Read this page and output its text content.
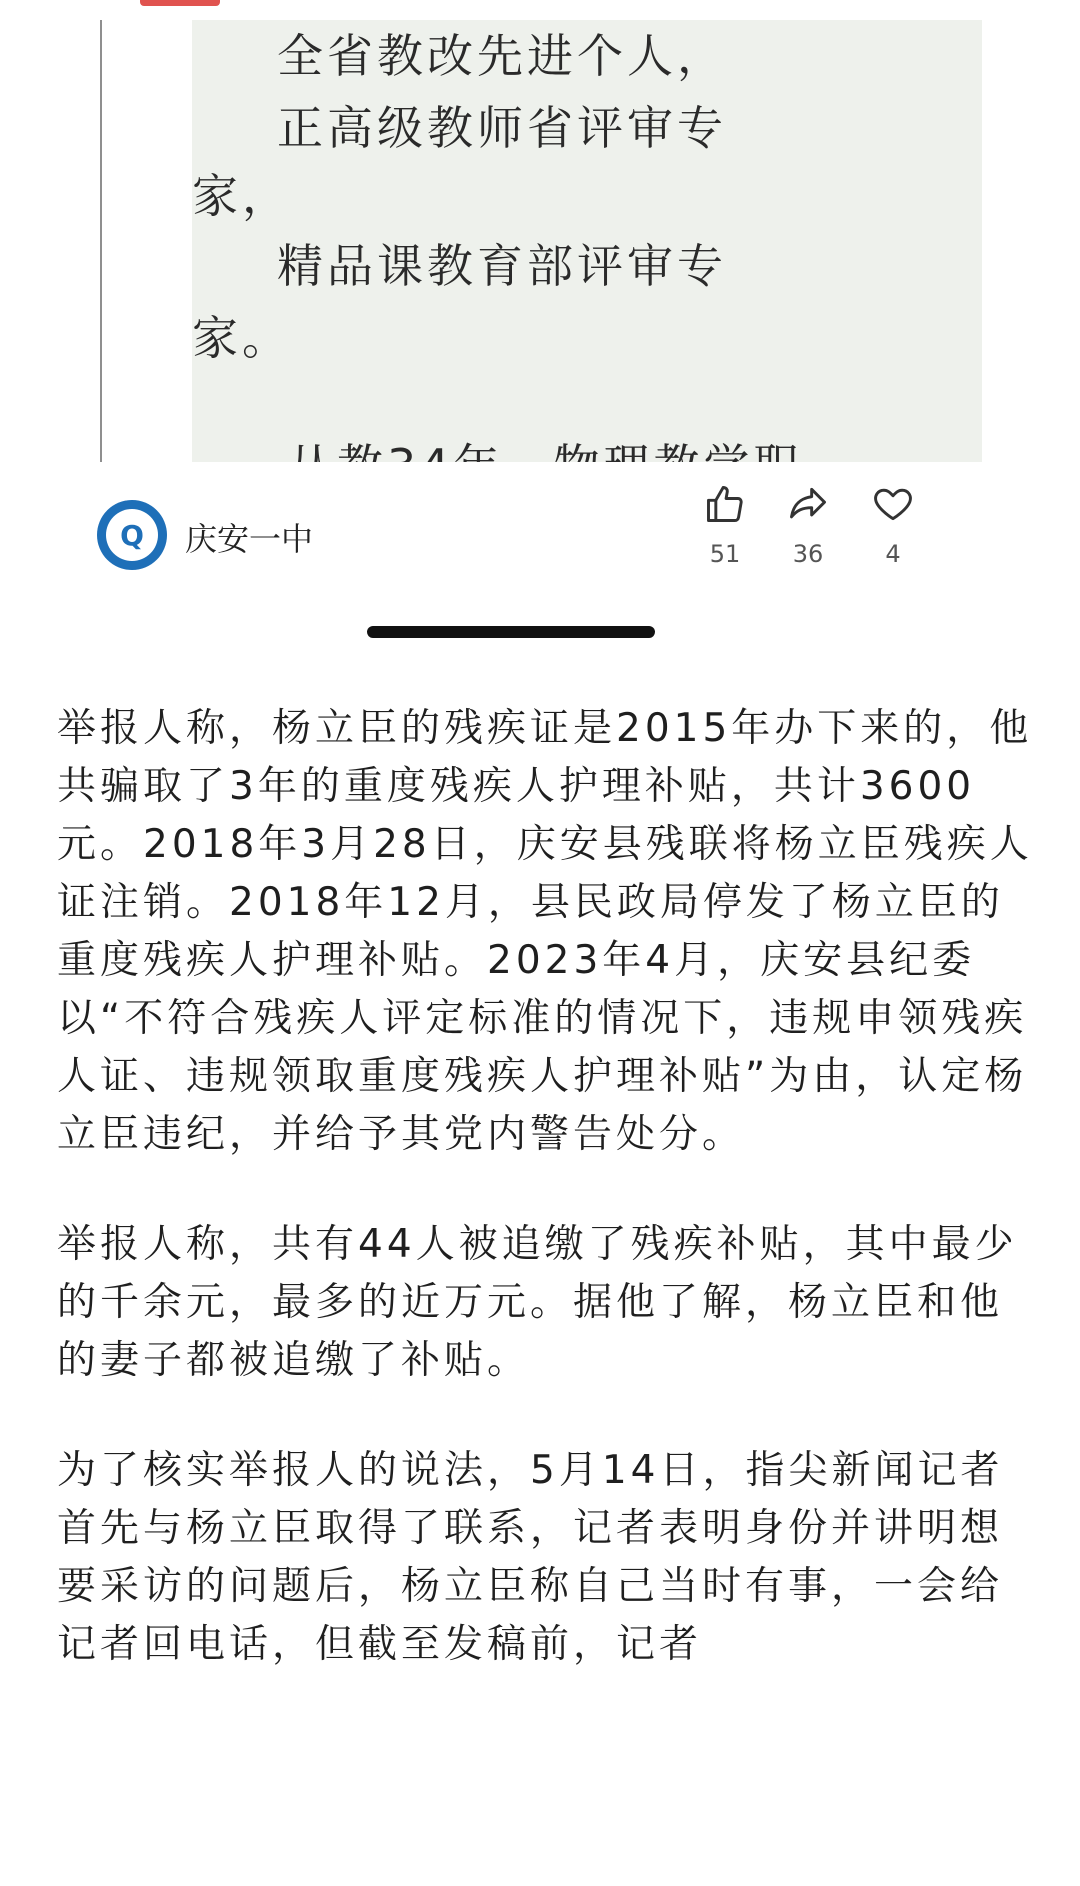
全省教改先进个人，
正高级教师省评审专
家，
精品课教育部评审专
家。
Q	庆安一中	51	36	4

举报人称，杨立臣的残疾证是2015年办下来的，他共骗取了3年的重度残疾人护理补贴，共计3600元。2018年3月28日，庆安县残联将杨立臣残疾人证注销。2018年12月，县民政局停发了杨立臣的重度残疾人护理补贴。2023年4月，庆安县纪委以“不符合残疾人评定标准的情况下，违规申领残疾人证、违规领取重度残疾人护理补贴”为由，认定杨立臣违纪，并给予其党内警告处分。

举报人称，共有44人被追缴了残疾补贴，其中最少的千余元，最多的近万元。据他了解，杨立臣和他的妻子都被追缴了补贴。

为了核实举报人的说法，5月14日，指尖新闻记者首先与杨立臣取得了联系，记者表明身份并讲明想要采访的问题后，杨立臣称自己当时有事，一会给记者回电话，但截至发稿前，记者
